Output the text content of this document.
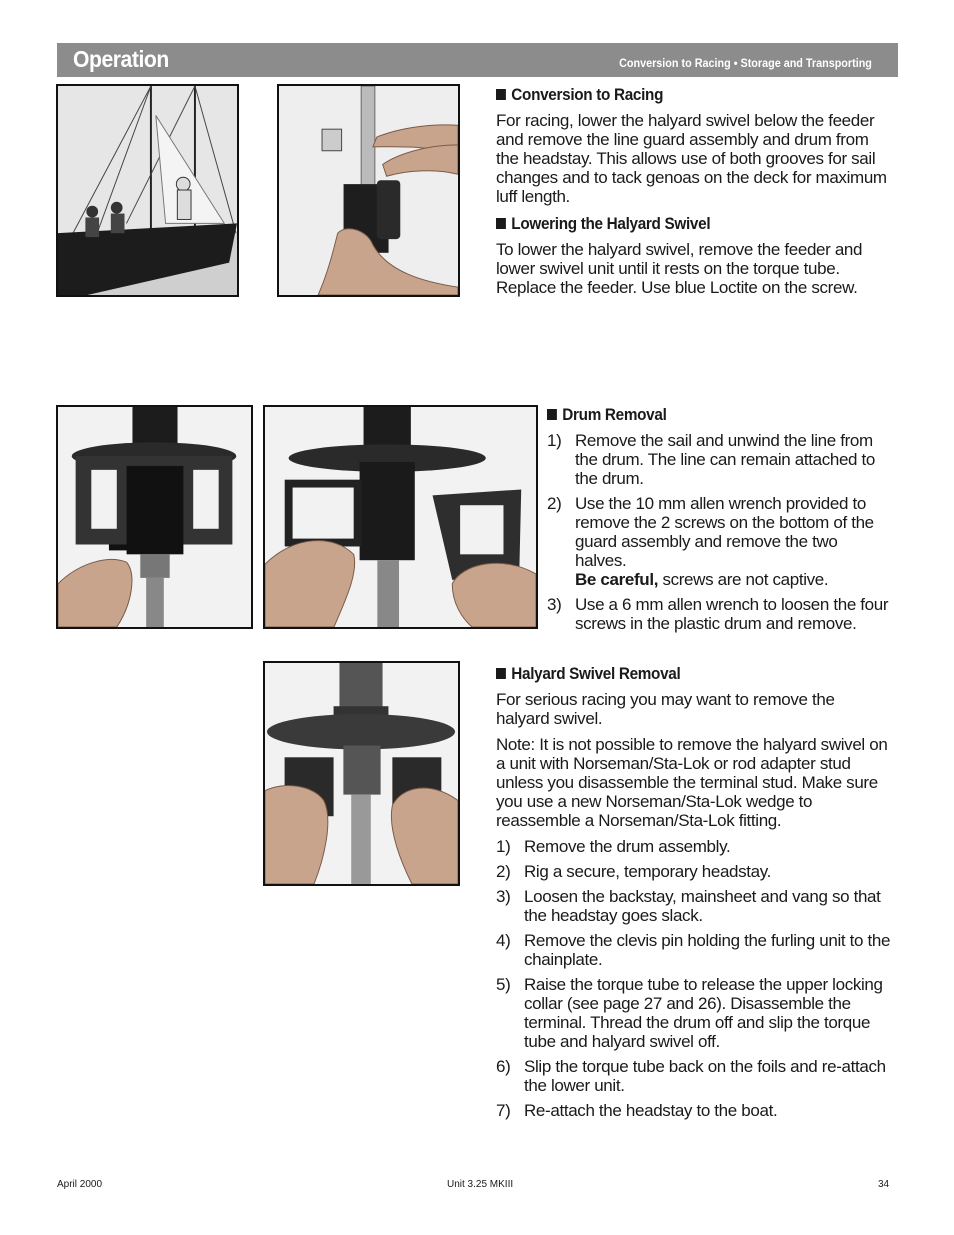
Operation	Conversion to Racing • Storage and Transporting
Conversion to Racing

For racing, lower the halyard swivel below the feeder and remove the line guard assembly and drum from the headstay. This allows use of both grooves for sail changes and to tack genoas on the deck for maximum luff length.

Lowering the Halyard Swivel

To lower the halyard swivel, remove the feeder and lower swivel unit until it rests on the torque tube. Replace the feeder. Use blue Loctite on the screw.

Drum Removal
1) Remove the sail and unwind the line from the drum. The line can remain attached to the drum.
2) Use the 10 mm allen wrench provided to remove the 2 screws on the bottom of the guard assembly and remove the two halves.
Be careful, screws are not captive.
3) Use a 6 mm allen wrench to loosen the four screws in the plastic drum and remove.
Halyard Swivel Removal

For serious racing you may want to remove the halyard swivel.

Note: It is not possible to remove the halyard swivel on a unit with Norseman/Sta-Lok or rod adapter stud unless you disassemble the terminal stud. Make sure you use a new Norseman/Sta-Lok wedge to reassemble a Norseman/Sta-Lok fitting.

1) Remove the drum assembly.
2) Rig a secure, temporary headstay.
3) Loosen the backstay, mainsheet and vang so that the headstay goes slack.
4) Remove the clevis pin holding the furling unit to the chainplate.
5) Raise the torque tube to release the upper locking collar (see page 27 and 26). Disassemble the terminal. Thread the drum off and slip the torque tube and halyard swivel off.
6) Slip the torque tube back on the foils and re-attach the lower unit.
7) Re-attach the headstay to the boat.
April 2000	Unit 3.25 MKIII	34
